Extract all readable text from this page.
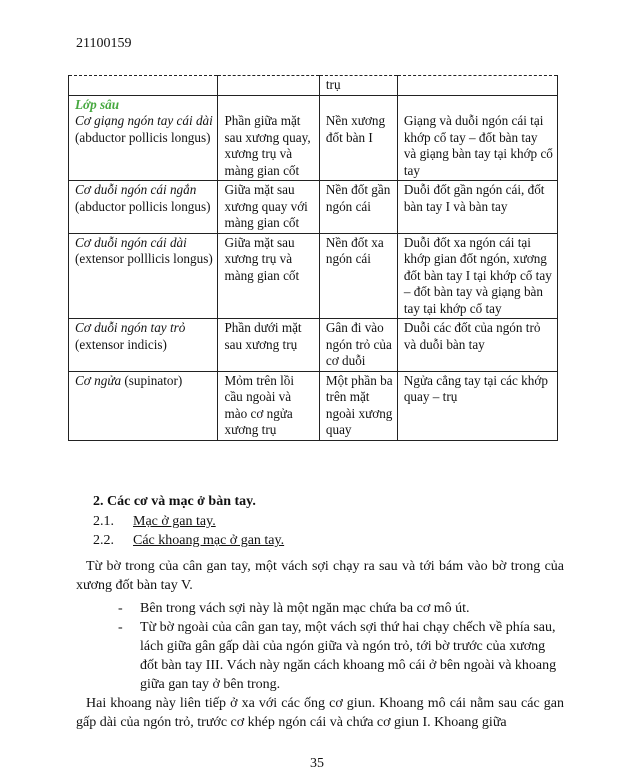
21100159
		trụ	

Lớp sâu
Cơ giạng ngón tay cái dài (abductor pollicis longus)	Phần giữa mặt sau xương quay, xương trụ và màng gian cốt	Nền xương đốt bàn I	Giạng và duỗi ngón cái tại khớp cổ tay – đốt bàn tay và giạng bàn tay tại khớp cổ tay
Cơ duỗi ngón cái ngắn (abductor pollicis longus)	Giữa mặt sau xương quay với màng gian cốt	Nền đốt gần ngón cái	Duỗi đốt gần ngón cái, đốt bàn tay I và bàn tay
Cơ duỗi ngón cái dài (extensor polllicis longus)	Giữa mặt sau xương trụ và màng gian cốt	Nền đốt xa ngón cái	Duỗi đốt xa ngón cái tại khớp gian đốt ngón, xương đốt bàn tay I tại khớp cổ tay – đốt bàn tay và giạng bàn tay tại khớp cổ tay
Cơ duỗi ngón tay trỏ (extensor indicis)	Phần dưới mặt sau xương trụ	Gân đi vào ngón trỏ của cơ duỗi	Duỗi các đốt của ngón trỏ và duỗi bàn tay
Cơ ngửa (supinator)	Mỏm trên lồi cầu ngoài và mào cơ ngửa xương trụ	Một phần ba trên mặt ngoài xương quay	Ngửa cẳng tay tại các khớp quay – trụ
2. Các cơ và mạc ở bàn tay.
2.1. Mạc ở gan tay.
2.2. Các khoang mạc ở gan tay.
Từ bờ trong của cân gan tay, một vách sợi chạy ra sau và tới bám vào bờ trong của xương đốt bàn tay V.
- Bên trong vách sợi này là một ngăn mạc chứa ba cơ mô út.
- Từ bờ ngoài của cân gan tay, một vách sợi thứ hai chạy chếch về phía sau, lách giữa gân gấp dài của ngón giữa và ngón trỏ, tới bờ trước của xương đốt bàn tay III. Vách này ngăn cách khoang mô cái ở bên ngoài và khoang giữa gan tay ở bên trong.
Hai khoang này liên tiếp ở xa với các ống cơ giun. Khoang mô cái nằm sau các gan gấp dài của ngón trỏ, trước cơ khép ngón cái và chứa cơ giun I. Khoang giữa
35
